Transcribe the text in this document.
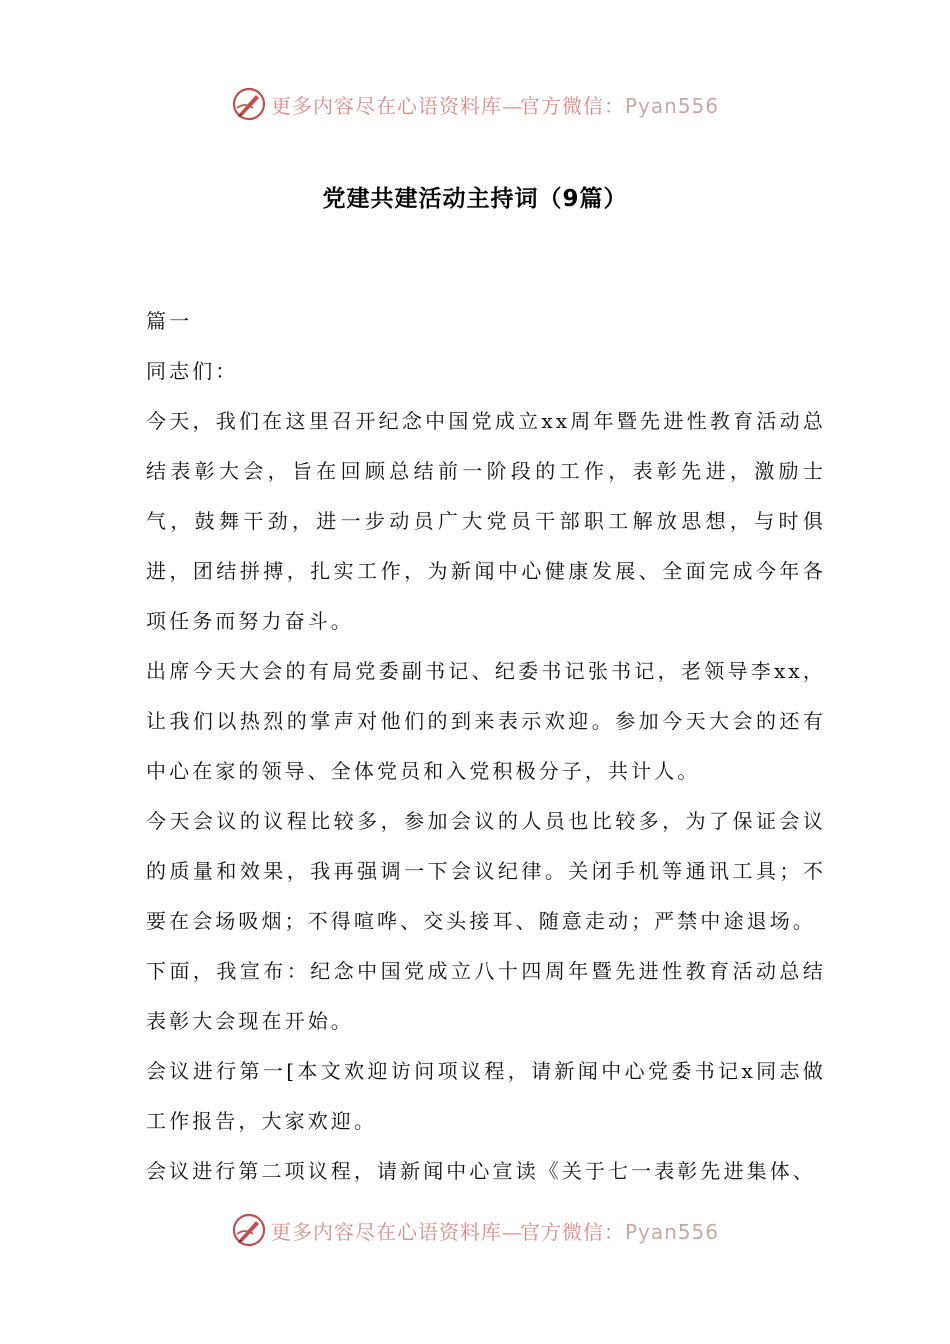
更多内容尽在心语资料库—官方微信：Pyan556
党建共建活动主持词（9篇）

篇一

同志们：

今天，我们在这里召开纪念中国党成立xx周年暨先进性教育活动总结表彰大会，旨在回顾总结前一阶段的工作，表彰先进，激励士气，鼓舞干劲，进一步动员广大党员干部职工解放思想，与时俱进，团结拼搏，扎实工作，为新闻中心健康发展、全面完成今年各项任务而努力奋斗。

出席今天大会的有局党委副书记、纪委书记张书记，老领导李xx，让我们以热烈的掌声对他们的到来表示欢迎。参加今天大会的还有中心在家的领导、全体党员和入党积极分子，共计人。

今天会议的议程比较多，参加会议的人员也比较多，为了保证会议的质量和效果，我再强调一下会议纪律。关闭手机等通讯工具；不要在会场吸烟；不得喧哗、交头接耳、随意走动；严禁中途退场。

下面，我宣布：纪念中国党成立八十四周年暨先进性教育活动总结表彰大会现在开始。

会议进行第一[本文欢迎访问项议程，请新闻中心党委书记x同志做工作报告，大家欢迎。

会议进行第二项议程，请新闻中心宣读《关于七一表彰先进集体、

更多内容尽在心语资料库—官方微信：Pyan556
